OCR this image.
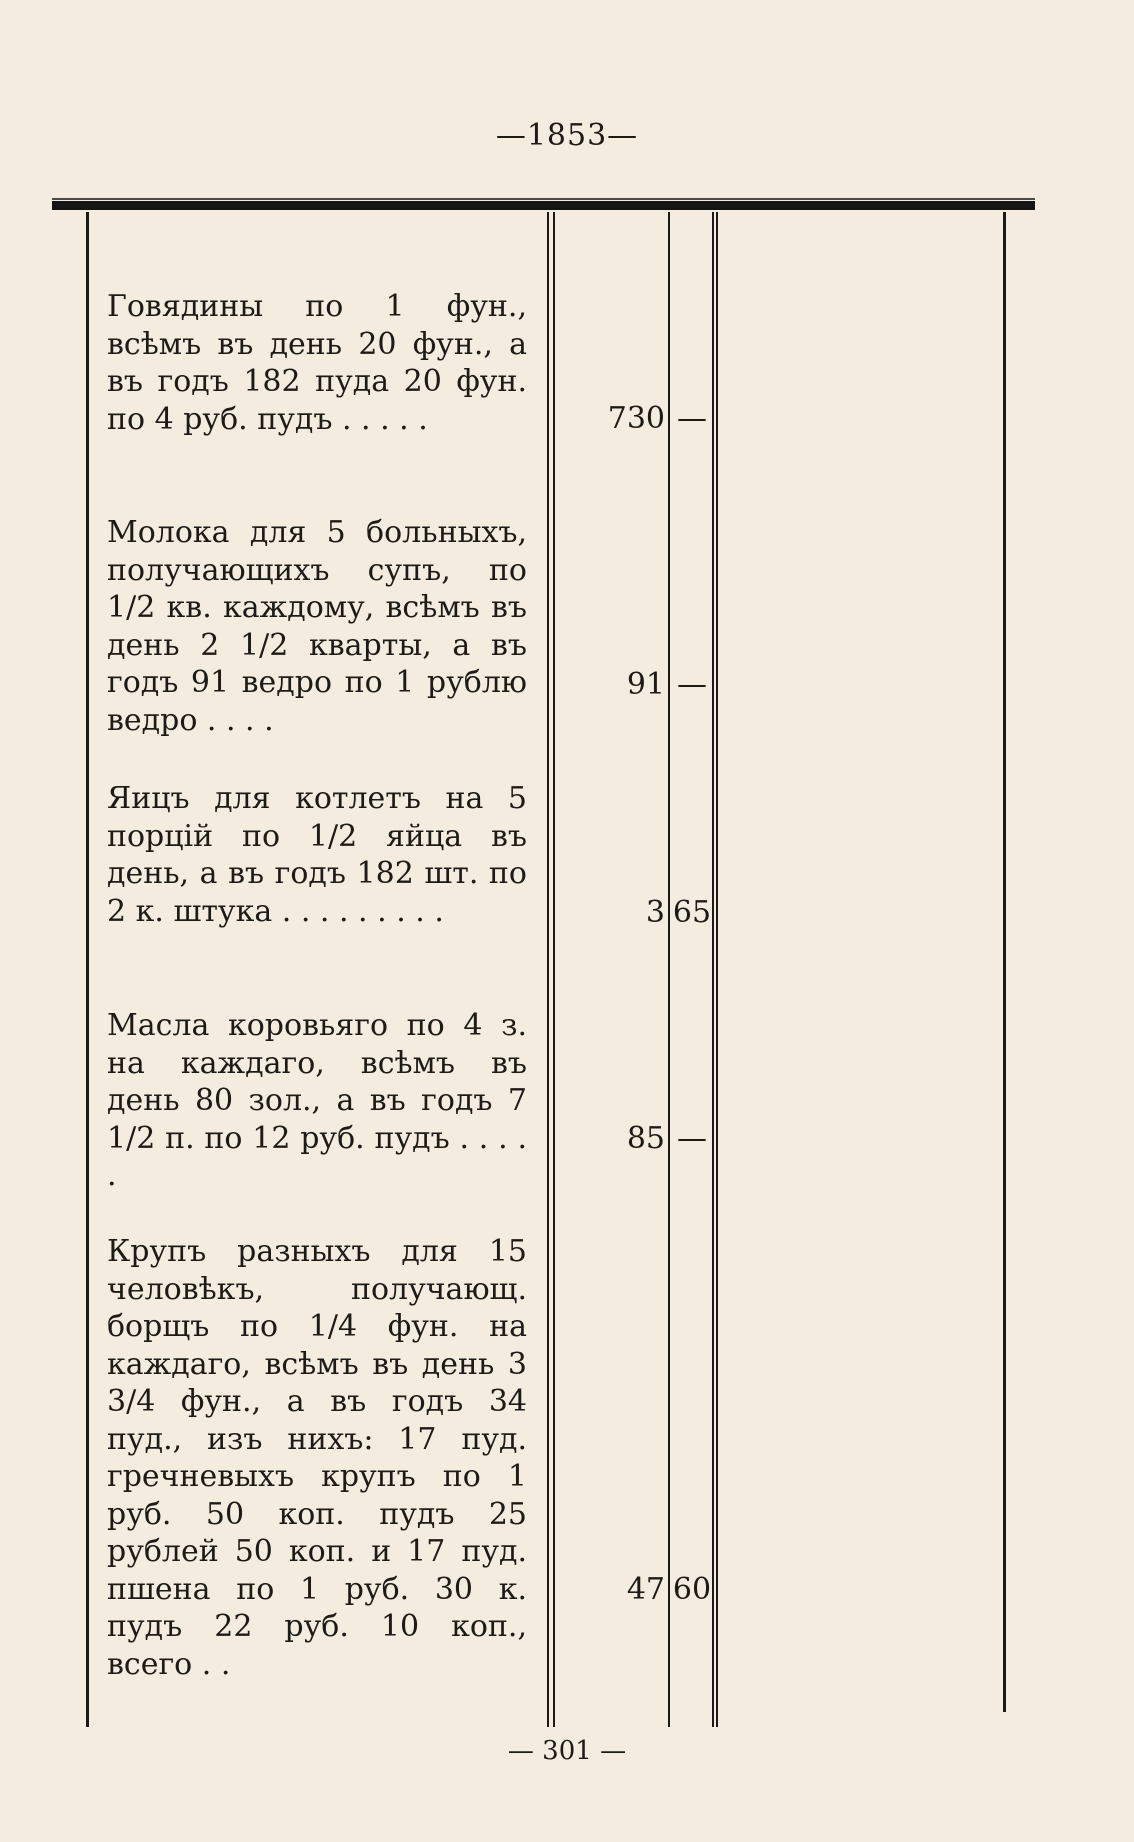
—1853—

Говядины по 1 фун., всѣмъ въ день 20 фун., а въ годъ 182 пуда 20 фун. по 4 руб. пудъ . . . . .	730 —

Молока для 5 больныхъ, получающихъ супъ, по 1/2 кв. каждому, всѣмъ въ день 2 1/2 кварты, а въ годъ 91 ведро по 1 рублю ведро . . . .

91 —

Яицъ для котлетъ на 5 порцій по 1/2 яйца въ день, а въ годъ 182 шт. по 2 к. штука . . . . . . . . .	3 65

Масла коровьяго по 4 з. на каждаго, всѣмъ въ день 80 зол., а въ годъ 7 1/2 п. по 12 руб. пудъ . . . . .

85 —

Крупъ разныхъ для 15 человѣкъ, получающ. борщъ по 1/4 фун. на каждаго, всѣмъ въ день 3 3/4 фун., а въ годъ 34 пуд., изъ нихъ: 17 пуд. гречневыхъ крупъ по 1 руб. 50 коп. пудъ 25 рублей 50 коп. и 17 пуд. пшена по 1 руб. 30 к. пудъ 22 руб. 10 коп., всего . .

47 60
— 301 —
